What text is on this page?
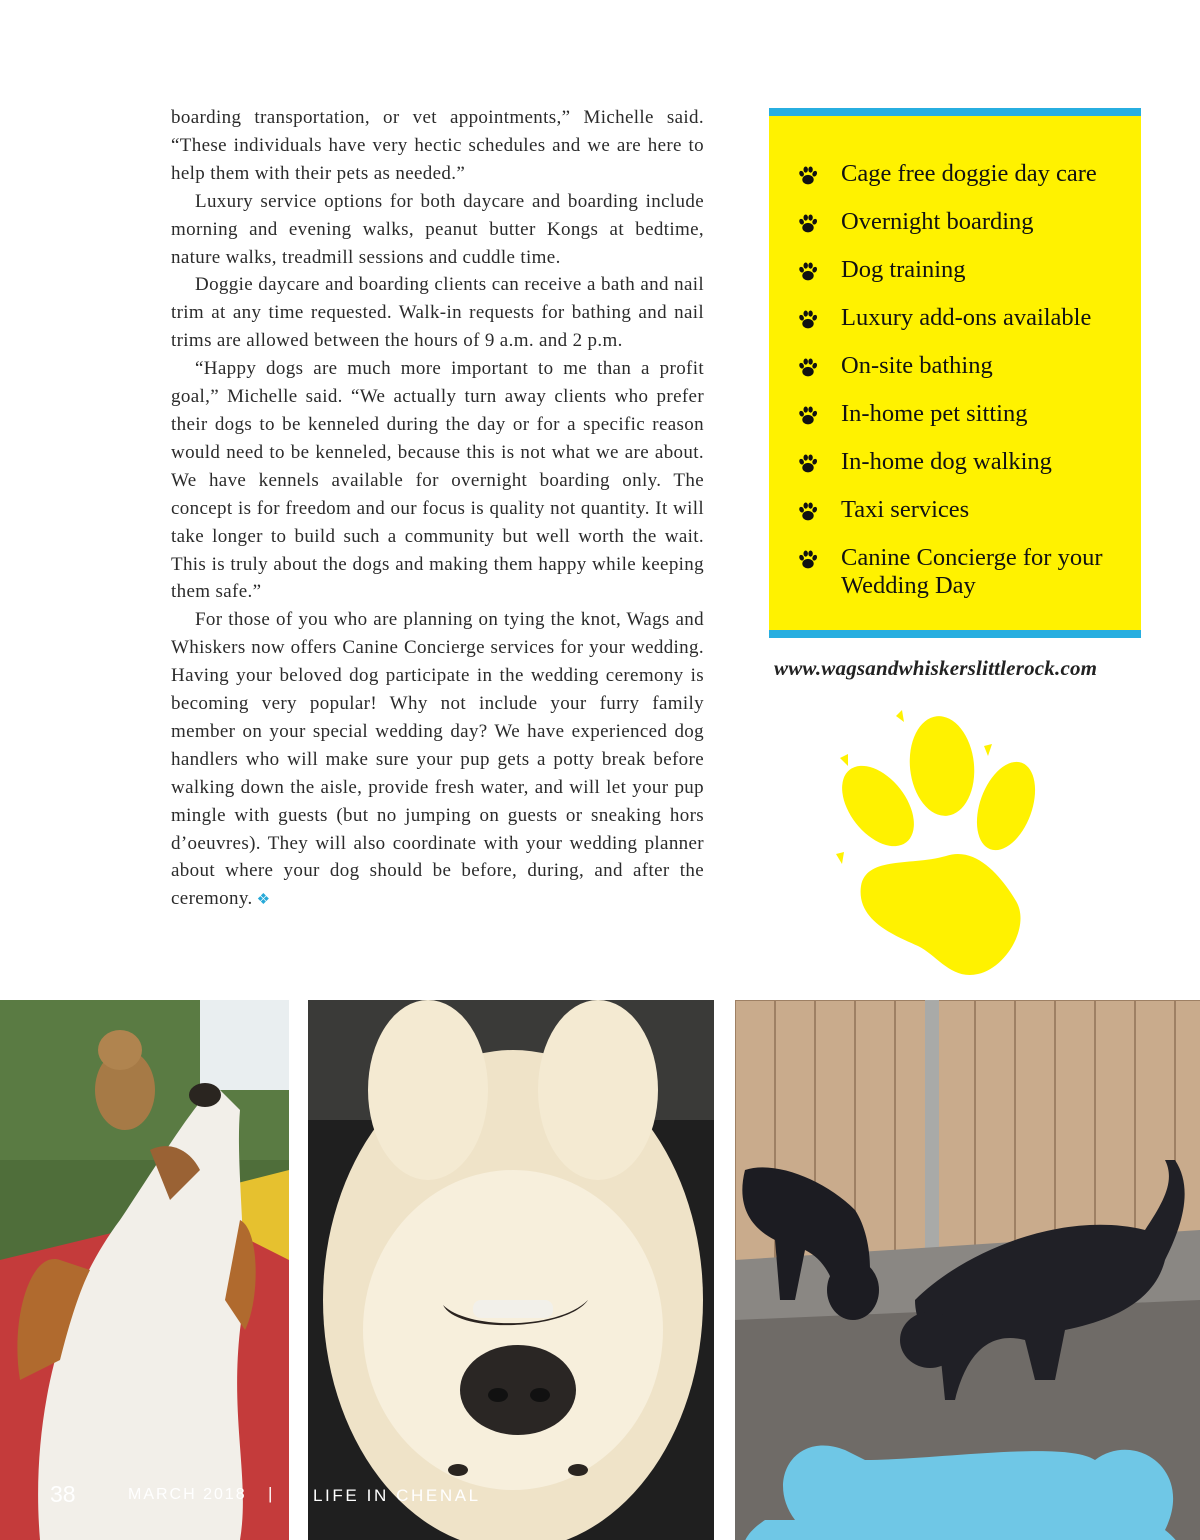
boarding transportation, or vet appointments,” Michelle said. “These individuals have very hectic schedules and we are here to help them with their pets as needed.”

Luxury service options for both daycare and boarding include morning and evening walks, peanut butter Kongs at bedtime, nature walks, treadmill sessions and cuddle time.

Doggie daycare and boarding clients can receive a bath and nail trim at any time requested. Walk-in requests for bathing and nail trims are allowed between the hours of 9 a.m. and 2 p.m.

“Happy dogs are much more important to me than a profit goal,” Michelle said. “We actually turn away clients who prefer their dogs to be kenneled during the day or for a specific reason would need to be kenneled, because this is not what we are about. We have kennels available for overnight boarding only. The concept is for freedom and our focus is quality not quantity. It will take longer to build such a community but well worth the wait. This is truly about the dogs and making them happy while keeping them safe.”

For those of you who are planning on tying the knot, Wags and Whiskers now offers Canine Concierge services for your wedding. Having your beloved dog participate in the wedding ceremony is becoming very popular! Why not include your furry family member on your special wedding day? We have experienced dog handlers who will make sure your pup gets a potty break before walking down the aisle, provide fresh water, and will let your pup mingle with guests (but no jumping on guests or sneaking hors d’oeuvres). They will also coordinate with your wedding planner about where your dog should be before, during, and after the ceremony. ❖

Cage free doggie day care
Overnight boarding
Dog training
Luxury add-ons available
On-site bathing
In-home pet sitting
In-home dog walking
Taxi services
Canine Concierge for your Wedding Day
www.wagsandwhiskerslittlerock.com
38	MARCH 2018 | LIFE IN CHENAL
